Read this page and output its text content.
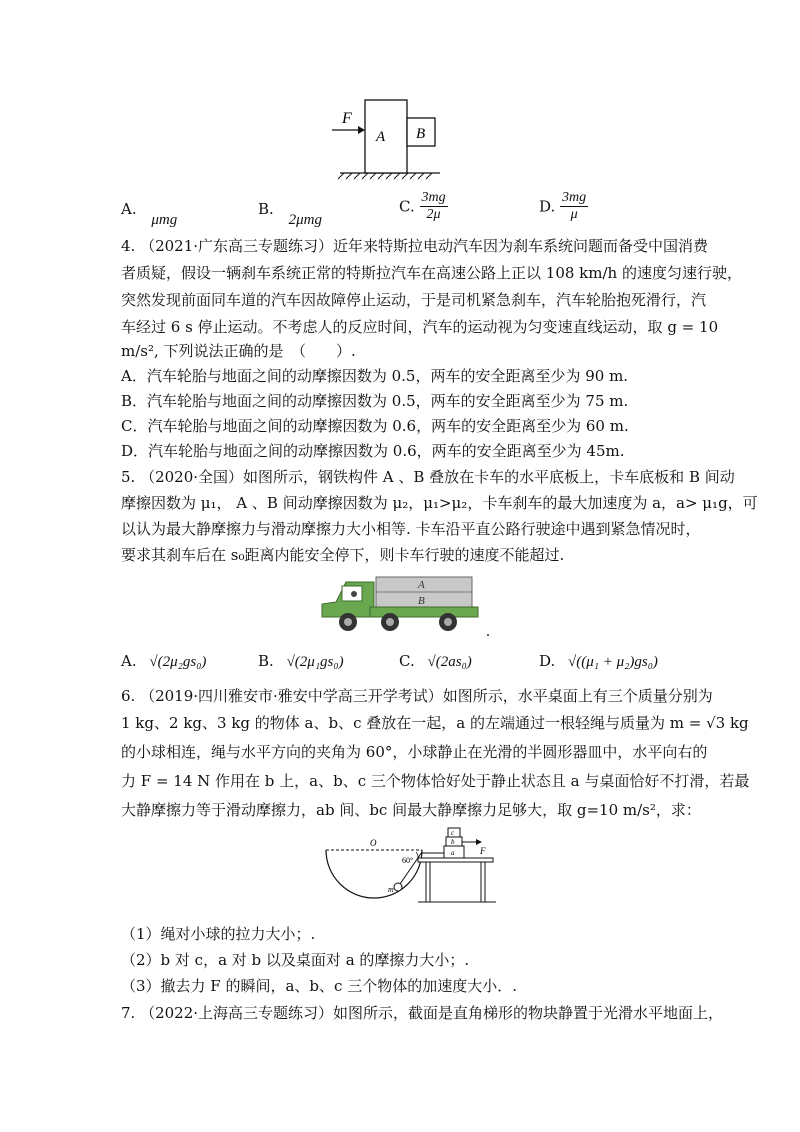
F
A B
A. μmg
B. 2μmg
C. $\frac{3mg}{2\mu}$	D. $\frac{3mg}{\mu}$
4. （2021·广东高三专题练习）近年来特斯拉电动汽车因为刹车系统问题而备受中国消费
者质疑，假设一辆刹车系统正常的特斯拉汽车在高速公路上正以 108 km/h 的速度匀速行驶，
突然发现前面同车道的汽车因故障停止运动，于是司机紧急刹车，汽车轮胎抱死滑行，汽
车经过 6 s 停止运动。不考虑人的反应时间，汽车的运动视为匀变速直线运动，取 g = 10
m/s², 下列说法正确的是　（　　）.
A．汽车轮胎与地面之间的动摩擦因数为 0.5，两车的安全距离至少为 90 m.
B．汽车轮胎与地面之间的动摩擦因数为 0.5，两车的安全距离至少为 75 m.
C．汽车轮胎与地面之间的动摩擦因数为 0.6，两车的安全距离至少为 60 m.
D．汽车轮胎与地面之间的动摩擦因数为 0.6，两车的安全距离至少为 45m.
5. （2020·全国）如图所示，钢铁构件 A 、B 叠放在卡车的水平底板上，卡车底板和 B 间动
摩擦因数为 μ₁， A 、B 间动摩擦因数为 μ₂，μ₁>μ₂，卡车刹车的最大加速度为 a，a> μ₁g，可
以认为最大静摩擦力与滑动摩擦力大小相等. 卡车沿平直公路行驶途中遇到紧急情况时，
要求其刹车后在 s₀距离内能安全停下，则卡车行驶的速度不能超过.
A
B
A. √(2μ₂gs₀)	B. √(2μ₁gs₀)	C. √(2as₀)	D. √((μ₁ + μ₂)gs₀)
6. （2019·四川雅安市·雅安中学高三开学考试）如图所示，水平桌面上有三个质量分别为
1 kg、2 kg、3 kg 的物体 a、b、c 叠放在一起，a 的左端通过一根轻绳与质量为 m = √3 kg
的小球相连，绳与水平方向的夹角为 60°，小球静止在光滑的半圆形器皿中，水平向右的
力 F = 14 N 作用在 b 上，a、b、c 三个物体恰好处于静止状态且 a 与桌面恰好不打滑，若最
大静摩擦力等于滑动摩擦力，ab 间、bc 间最大静摩擦力足够大，取 g=10 m/s²，求：
O
60°
m
c
b
a	F
（1）绳对小球的拉力大小；.
（2）b 对 c，a 对 b 以及桌面对 a 的摩擦力大小；.
（3）撤去力 F 的瞬间，a、b、c 三个物体的加速度大小．.
7. （2022·上海高三专题练习）如图所示，截面是直角梯形的物块静置于光滑水平地面上，
